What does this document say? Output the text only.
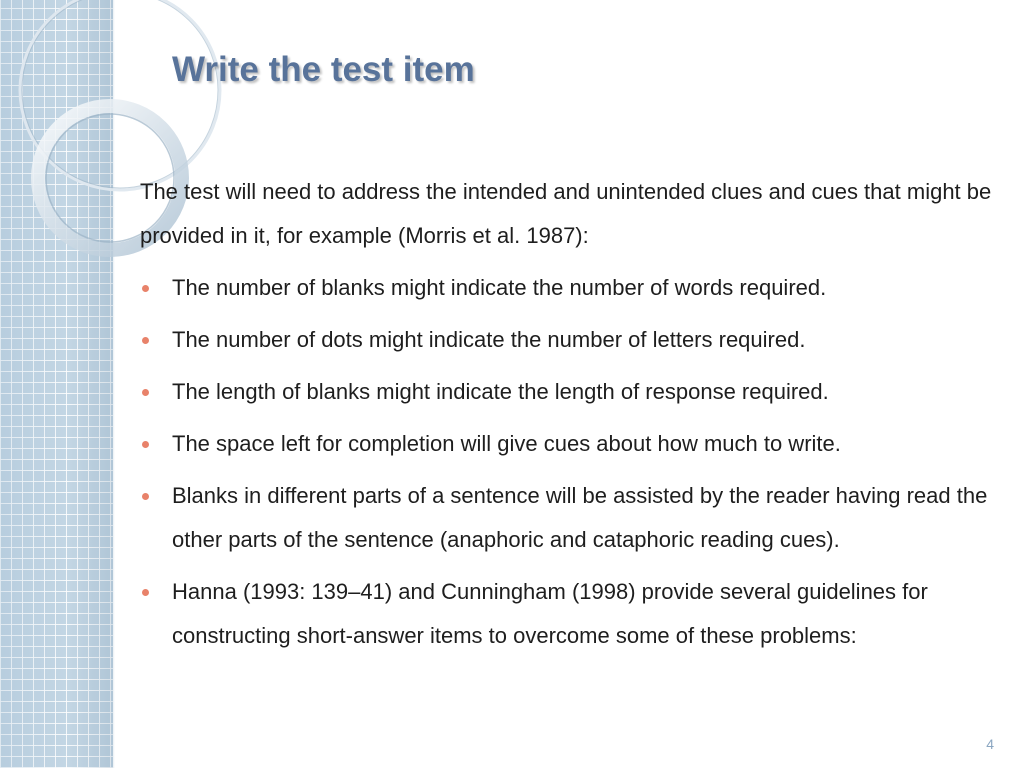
Write the test item

The test will need to address the intended and unintended clues and cues that might be provided in it, for example (Morris et al. 1987):

The number of blanks might indicate the number of words required.
The number of dots might indicate the number of letters required.
The length of blanks might indicate the length of response required.
The space left for completion will give cues about how much to write.
Blanks in different parts of a sentence will be assisted by the reader having read the other parts of the sentence (anaphoric and cataphoric reading cues).
Hanna (1993: 139–41) and Cunningham (1998) provide several guidelines for constructing short-answer items to overcome some of these problems:
4
